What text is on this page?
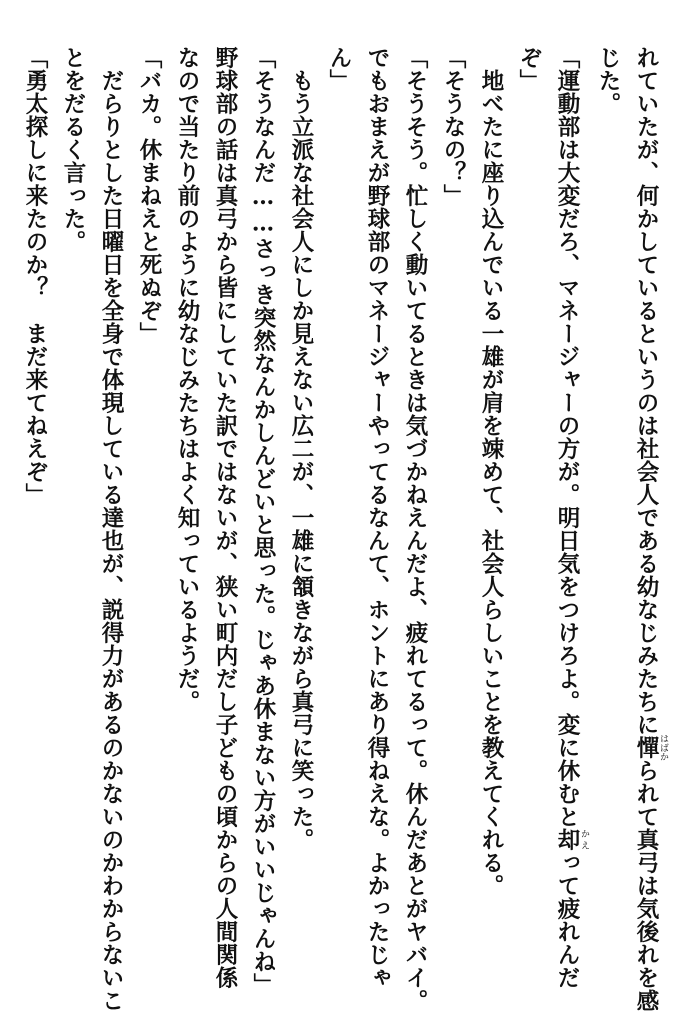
れていたが、何かしているというのは社会人である幼なじみたちに憚 はばかられて真弓は気後れを感
じた。
「運動部は大変だろ、マネージャーの方が。明日気をつけろよ。変に休むと却 かえって疲れんだ
ぞ」
地べたに座り込んでいる一雄が肩を竦めて、社会人らしいことを教えてくれる。
「そうなの？」
「そうそう。忙しく動いてるときは気づかねえんだよ、疲れてるって。休んだあとがヤバイ。
でもおまえが野球部のマネージャーやってるなんて、ホントにあり得ねえな。よかったじゃ
ん」
もう立派な社会人にしか見えない広二が、一雄に頷きながら真弓に笑った。
「そうなんだ……さっき突然なんかしんどいと思った。じゃあ休まない方がいいじゃんね」
野球部の話は真弓から皆にしていた訳ではないが、狭い町内だし子どもの頃からの人間関係
なので当たり前のように幼なじみたちはよく知っているようだ。
「バカ。休まねえと死ぬぞ」
だらりとした日曜日を全身で体現している達也が、説得力があるのかないのかわからないこ
とをだるく言った。
「勇太探しに来たのか？　まだ来てねえぞ」
